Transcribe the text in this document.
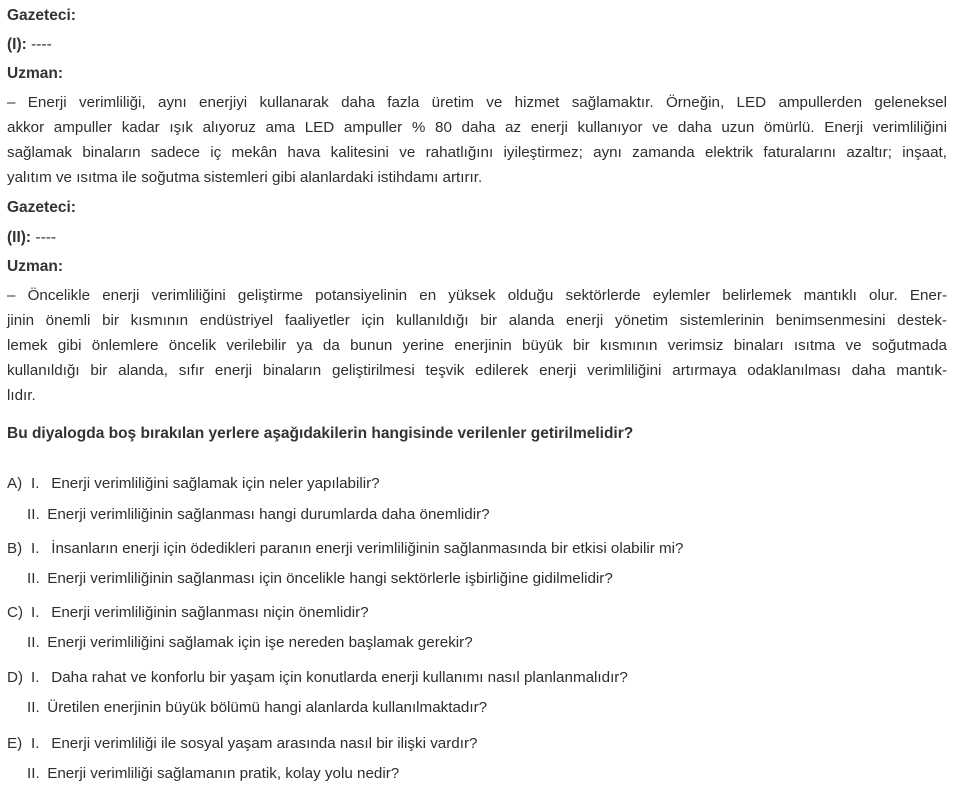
Gazeteci:
(I): ----
Uzman:
– Enerji verimliliği, aynı enerjiyi kullanarak daha fazla üretim ve hizmet sağlamaktır. Örneğin, LED ampullerden geleneksel
akkor ampuller kadar ışık alıyoruz ama LED ampuller % 80 daha az enerji kullanıyor ve daha uzun ömürlü. Enerji verimliliğini
sağlamak binaların sadece iç mekân hava kalitesini ve rahatlığını iyileştirmez; aynı zamanda elektrik faturalarını azaltır; inşaat,
yalıtım ve ısıtma ile soğutma sistemleri gibi alanlardaki istihdamı artırır.
Gazeteci:
(II): ----
Uzman:
– Öncelikle enerji verimliliğini geliştirme potansiyelinin en yüksek olduğu sektörlerde eylemler belirlemek mantıklı olur. Ener-
jinin önemli bir kısmının endüstriyel faaliyetler için kullanıldığı bir alanda enerji yönetim sistemlerinin benimsenmesini destek-
lemek gibi önlemlere öncelik verilebilir ya da bunun yerine enerjinin büyük bir kısmının verimsiz binaları ısıtma ve soğutmada
kullanıldığı bir alanda, sıfır enerji binaların geliştirilmesi teşvik edilerek enerji verimliliğini artırmaya odaklanılması daha mantık-
lıdır.
Bu diyalogda boş bırakılan yerlere aşağıdakilerin hangisinde verilenler getirilmelidir?
A) I. Enerji verimliliğini sağlamak için neler yapılabilir?
II. Enerji verimliliğinin sağlanması hangi durumlarda daha önemlidir?
B) I. İnsanların enerji için ödedikleri paranın enerji verimliliğinin sağlanmasında bir etkisi olabilir mi?
II. Enerji verimliliğinin sağlanması için öncelikle hangi sektörlerle işbirliğine gidilmelidir?
C) I. Enerji verimliliğinin sağlanması niçin önemlidir?
II. Enerji verimliliğini sağlamak için işe nereden başlamak gerekir?
D) I. Daha rahat ve konforlu bir yaşam için konutlarda enerji kullanımı nasıl planlanmalıdır?
II. Üretilen enerjinin büyük bölümü hangi alanlarda kullanılmaktadır?
E) I. Enerji verimliliği ile sosyal yaşam arasında nasıl bir ilişki vardır?
II. Enerji verimliliği sağlamanın pratik, kolay yolu nedir?
